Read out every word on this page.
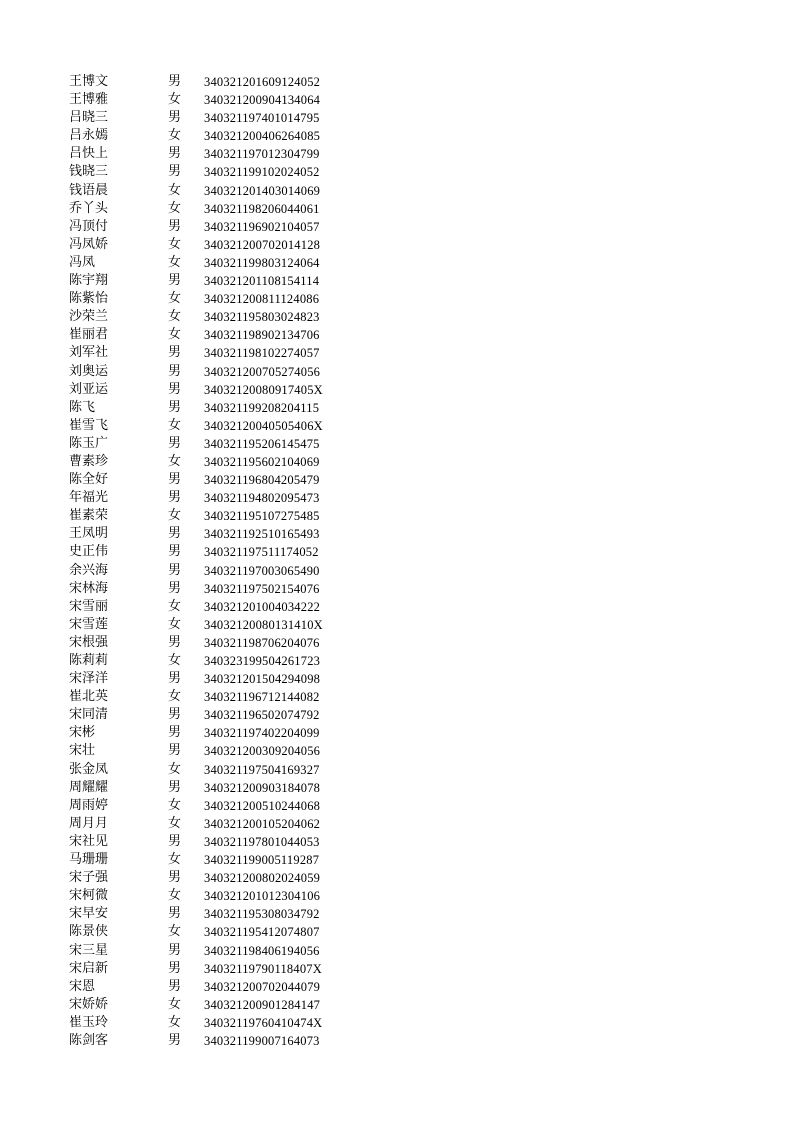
王博文	男 340321201609124052
王博雅	女 340321200904134064
吕晓三	男 340321197401014795
吕永嫣	女 340321200406264085
吕快上	男 340321197012304799
钱晓三	男 340321199102024052
钱语晨	女 340321201403014069
乔丫头	女 340321198206044061
冯顶付	男 340321196902104057
冯凤娇	女 340321200702014128
冯凤	女 340321199803124064
陈宇翔	男 340321201108154114
陈紫怡	女 340321200811124086
沙荣兰	女 340321195803024823
崔丽君	女 340321198902134706
刘军社	男 340321198102274057
刘奥运	男 340321200705274056
刘亚运	男 34032120080917405X
陈飞	男 340321199208204115
崔雪飞	女 34032120040505406X
陈玉广	男 340321195206145475
曹素珍	女 340321195602104069
陈全好	男 340321196804205479
年福光	男 340321194802095473
崔素荣	女 340321195107275485
王凤明	男 340321192510165493
史正伟	男 340321197511174052
余兴海	男 340321197003065490
宋林海	男 340321197502154076
宋雪丽	女 340321201004034222
宋雪莲	女 34032120080131410X
宋根强	男 340321198706204076
陈莉莉	女 340323199504261723
宋泽洋	男 340321201504294098
崔北英	女 340321196712144082
宋同清	男 340321196502074792
宋彬	男 340321197402204099
宋壮	男 340321200309204056
张金凤	女 340321197504169327
周耀耀	男 340321200903184078
周雨婷	女 340321200510244068
周月月	女 340321200105204062
宋社见	男 340321197801044053
马珊珊	女 340321199005119287
宋子强	男 340321200802024059
宋柯微	女 340321201012304106
宋早安	男 340321195308034792
陈景侠	女 340321195412074807
宋三星	男 340321198406194056
宋启新	男 34032119790118407X
宋恩	男 340321200702044079
宋娇娇	女 340321200901284147
崔玉玲	女 34032119760410474X
陈剑客	男 340321199007164073
